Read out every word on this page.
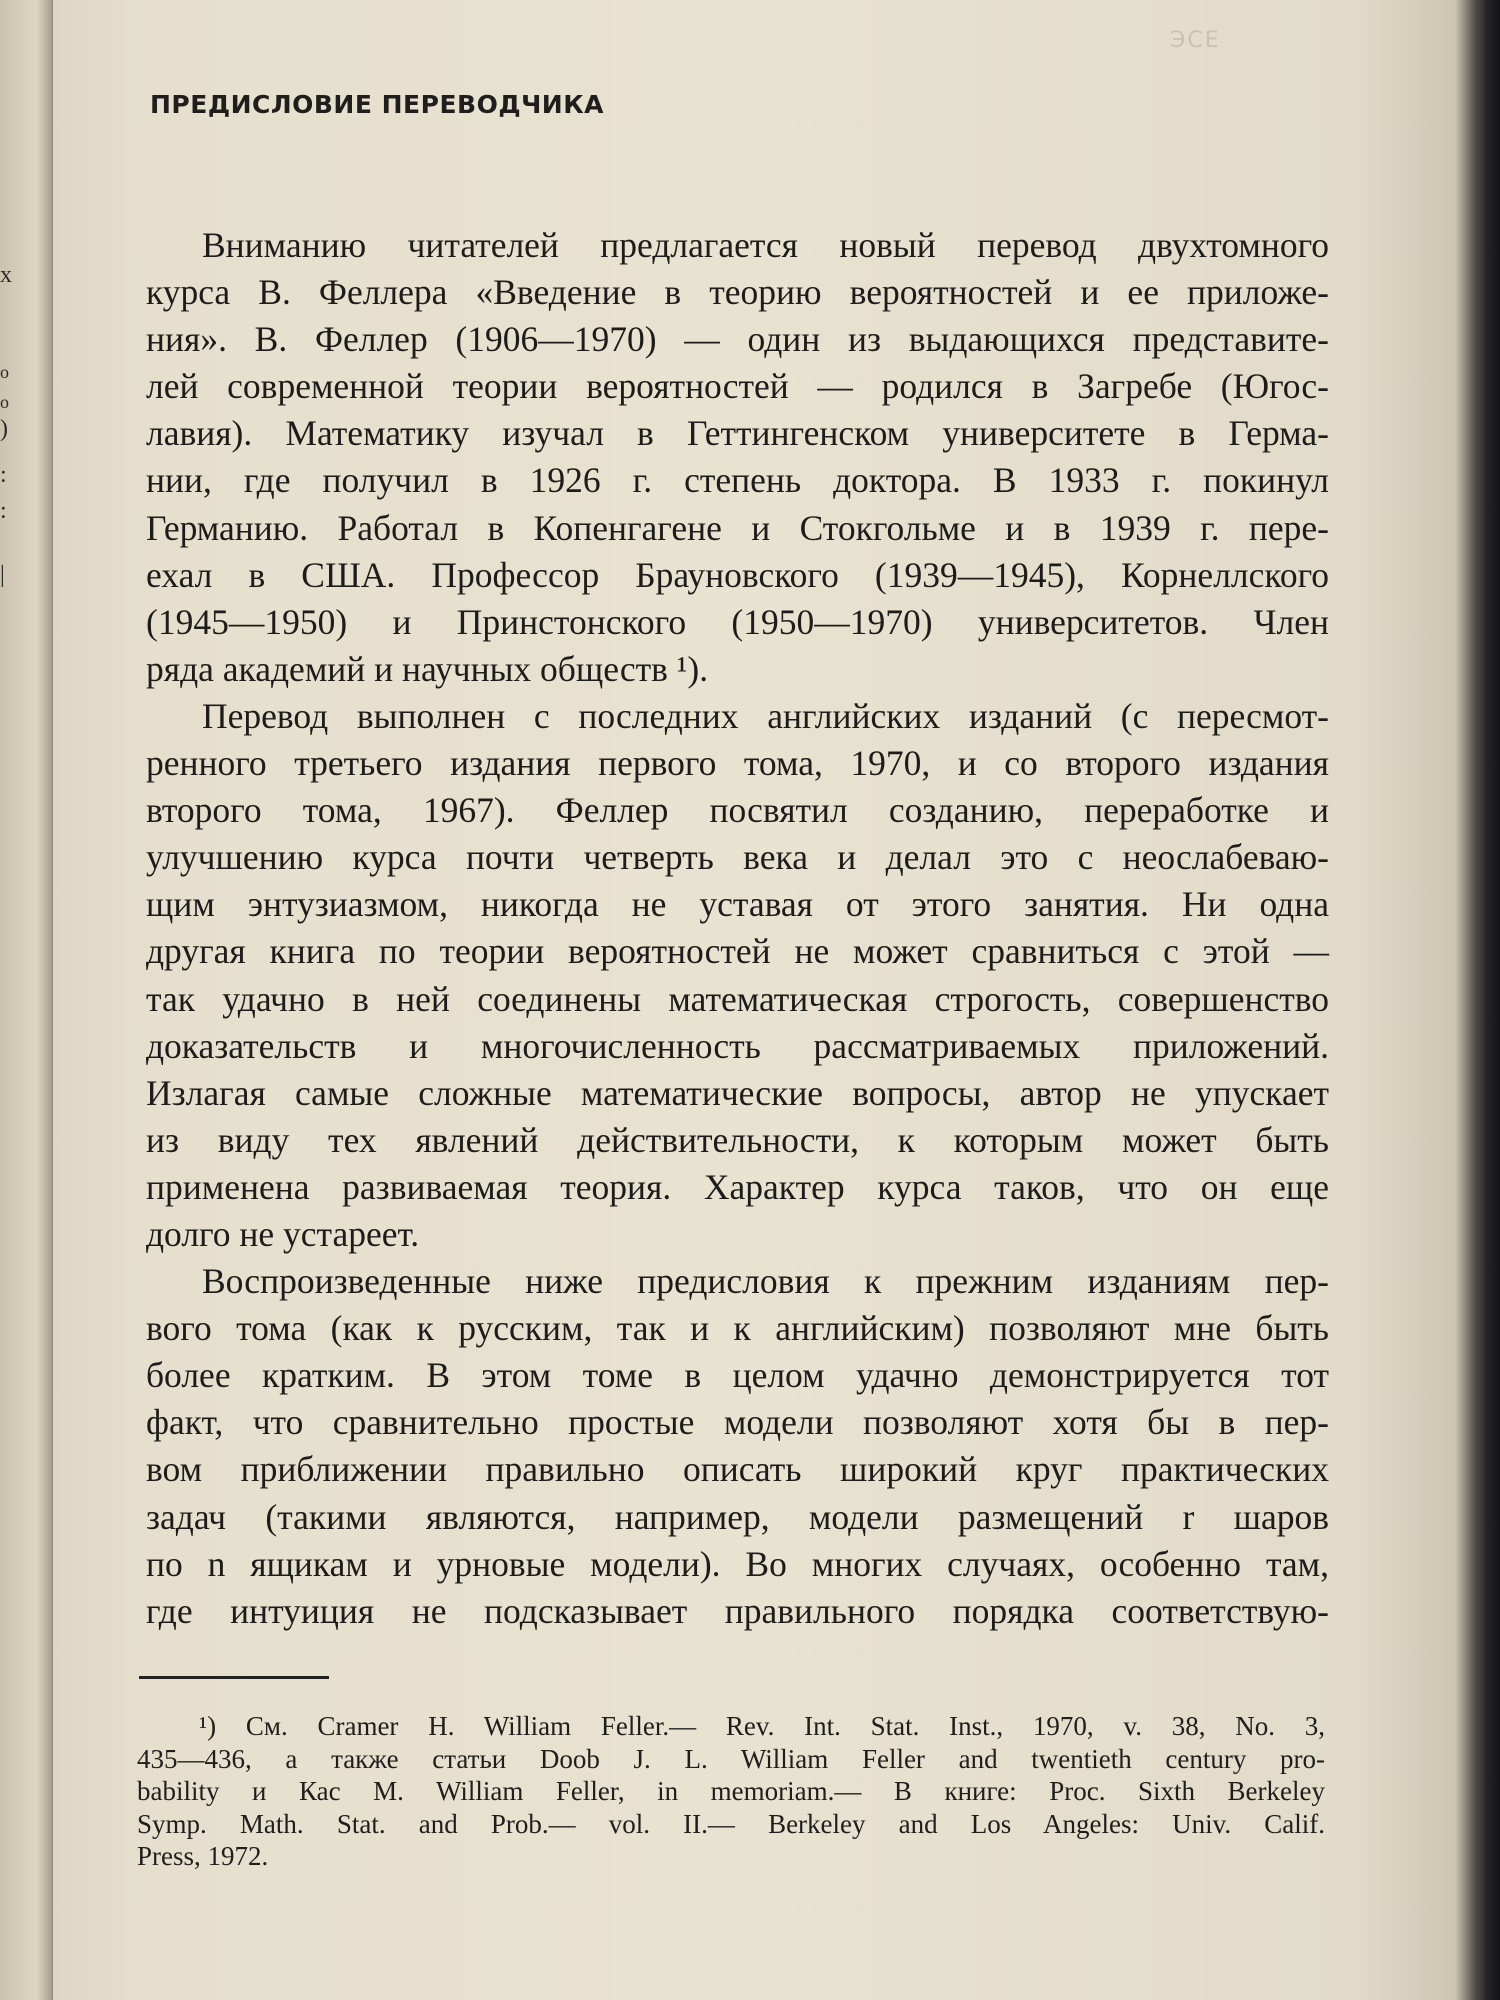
х
о
о
)
:
:
|
ЭСЕ
ПРЕДИСЛОВИЕ ПЕРЕВОДЧИКА
Вниманию читателей предлагается новый перевод двухтомного
курса В. Феллера «Введение в теорию вероятностей и ее приложе-
ния». В. Феллер (1906—1970) — один из выдающихся представите-
лей современной теории вероятностей — родился в Загребе (Югос-
лавия). Математику изучал в Геттингенском университете в Герма-
нии, где получил в 1926 г. степень доктора. В 1933 г. покинул
Германию. Работал в Копенгагене и Стокгольме и в 1939 г. пере-
ехал в США. Профессор Брауновского (1939—1945), Корнеллского
(1945—1950) и Принстонского (1950—1970) университетов. Член
ряда академий и научных обществ ¹).
Перевод выполнен с последних английских изданий (с пересмот-
ренного третьего издания первого тома, 1970, и со второго издания
второго тома, 1967). Феллер посвятил созданию, переработке и
улучшению курса почти четверть века и делал это с неослабеваю-
щим энтузиазмом, никогда не уставая от этого занятия. Ни одна
другая книга по теории вероятностей не может сравниться с этой —
так удачно в ней соединены математическая строгость, совершенство
доказательств и многочисленность рассматриваемых приложений.
Излагая самые сложные математические вопросы, автор не упускает
из виду тех явлений действительности, к которым может быть
применена развиваемая теория. Характер курса таков, что он еще
долго не устареет.
Воспроизведенные ниже предисловия к прежним изданиям пер-
вого тома (как к русским, так и к английским) позволяют мне быть
более кратким. В этом томе в целом удачно демонстрируется тот
факт, что сравнительно простые модели позволяют хотя бы в пер-
вом приближении правильно описать широкий круг практических
задач (такими являются, например, модели размещений r шаров
по n ящикам и урновые модели). Во многих случаях, особенно там,
где интуиция не подсказывает правильного порядка соответствую-
¹) См. Cramer H. William Feller.— Rev. Int. Stat. Inst., 1970, v. 38, No. 3,
435—436, а также статьи Doob J. L. William Feller and twentieth century pro-
bability и Кас M. William Feller, in memoriam.— В книге: Proc. Sixth Berkeley
Symp. Math. Stat. and Prob.— vol. II.— Berkeley and Los Angeles: Univ. Calif.
Press, 1972.
